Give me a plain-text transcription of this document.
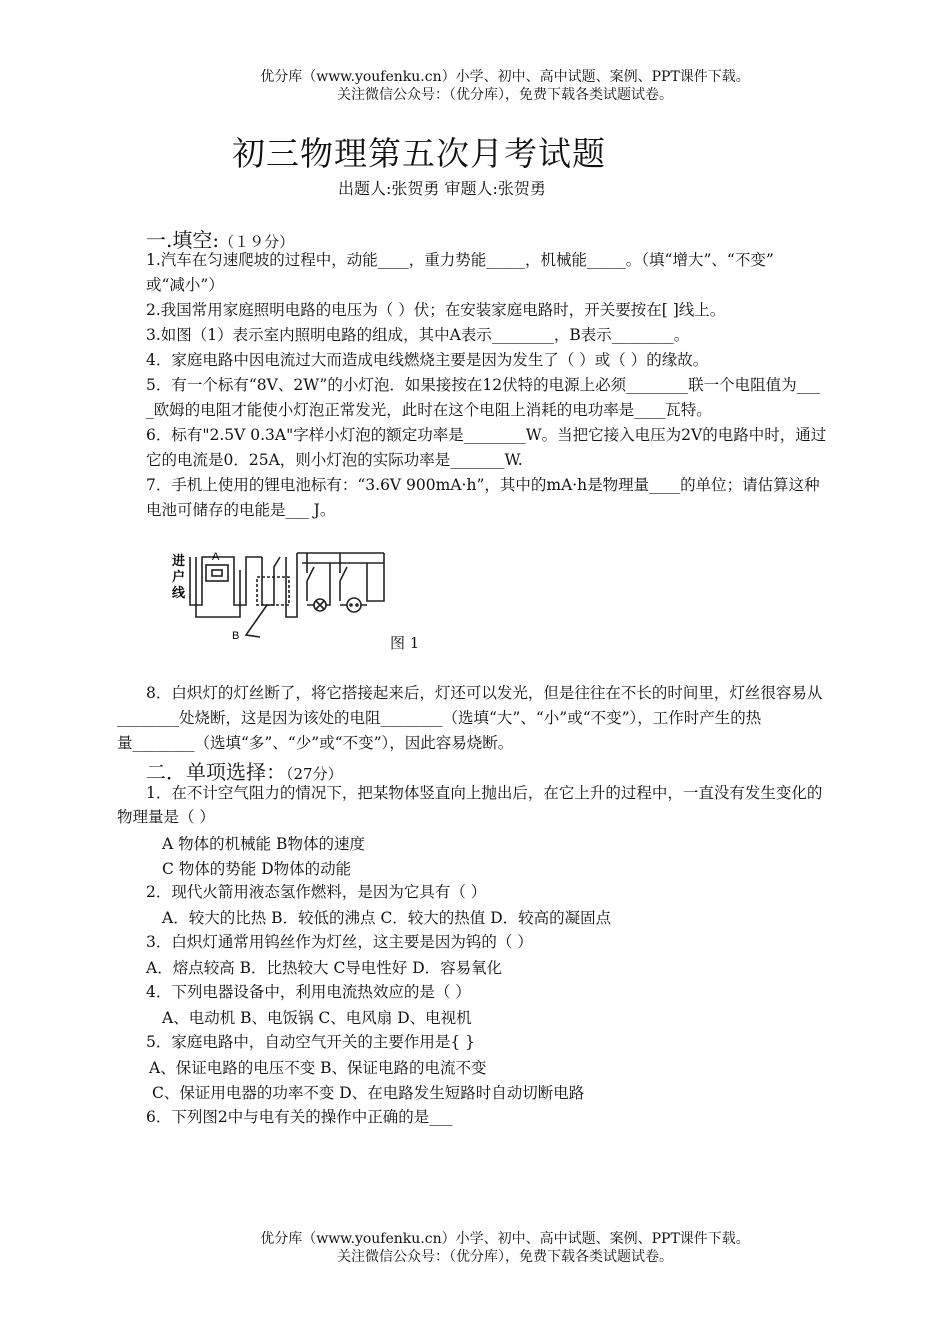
优分库（www.youfenku.cn）小学、初中、高中试题、案例、PPT课件下载。
关注微信公众号：（优分库），免费下载各类试题试卷。
初三物理第五次月考试题
出题人:张贺勇 审题人:张贺勇
一.填空:（１９分）
1.汽车在匀速爬坡的过程中，动能____，重力势能_____，机械能_____。（填“增大”、“不变”
或“减小”）
2.我国常用家庭照明电路的电压为（ ）伏；在安装家庭电路时，开关要按在[ ]线上。
3.如图（1）表示室内照明电路的组成，其中A表示________，B表示________。
4．家庭电路中因电流过大而造成电线燃烧主要是因为发生了（ ）或（ ）的缘故。
5．有一个标有“8V、2W”的小灯泡．如果接按在12伏特的电源上必须________联一个电阻值为___
_欧姆的电阻才能使小灯泡正常发光，此时在这个电阻上消耗的电功率是____瓦特。
6．标有"2.5V 0.3A"字样小灯泡的额定功率是________W。当把它接入电压为2V的电路中时，通过
它的电流是0．25A，则小灯泡的实际功率是_______W.
7．手机上使用的锂电池标有：“3.6V 900mA·h”，其中的mA·h是物理量____的单位；请估算这种
电池可储存的电能是___ J。
进
户
线
A
B	图 1
8．白炽灯的灯丝断了，将它搭接起来后，灯还可以发光，但是往往在不长的时间里，灯丝很容易从
________处烧断，这是因为该处的电阻________（选填“大”、“小”或“不变”），工作时产生的热
量________（选填“多”、“少”或“不变”），因此容易烧断。
二．单项选择：（27分）
1．在不计空气阻力的情况下，把某物体竖直向上抛出后，在它上升的过程中，一直没有发生变化的
物理量是（ ）
A 物体的机械能 B物体的速度
C 物体的势能 D物体的动能
2．现代火箭用液态氢作燃料，是因为它具有（ ）
A．较大的比热 B．较低的沸点 C．较大的热值 D．较高的凝固点
3．白炽灯通常用钨丝作为灯丝，这主要是因为钨的（ ）
A．熔点较高 B．比热较大 C导电性好 D．容易氧化
4．下列电器设备中，利用电流热效应的是（ ）
A、电动机 B、电饭锅 C、电风扇 D、电视机
5．家庭电路中，自动空气开关的主要作用是{ }
A、保证电路的电压不变 B、保证电路的电流不变
C、保证用电器的功率不变 D、在电路发生短路时自动切断电路
6．下列图2中与电有关的操作中正确的是___
优分库（www.youfenku.cn）小学、初中、高中试题、案例、PPT课件下载。
关注微信公众号：（优分库），免费下载各类试题试卷。
